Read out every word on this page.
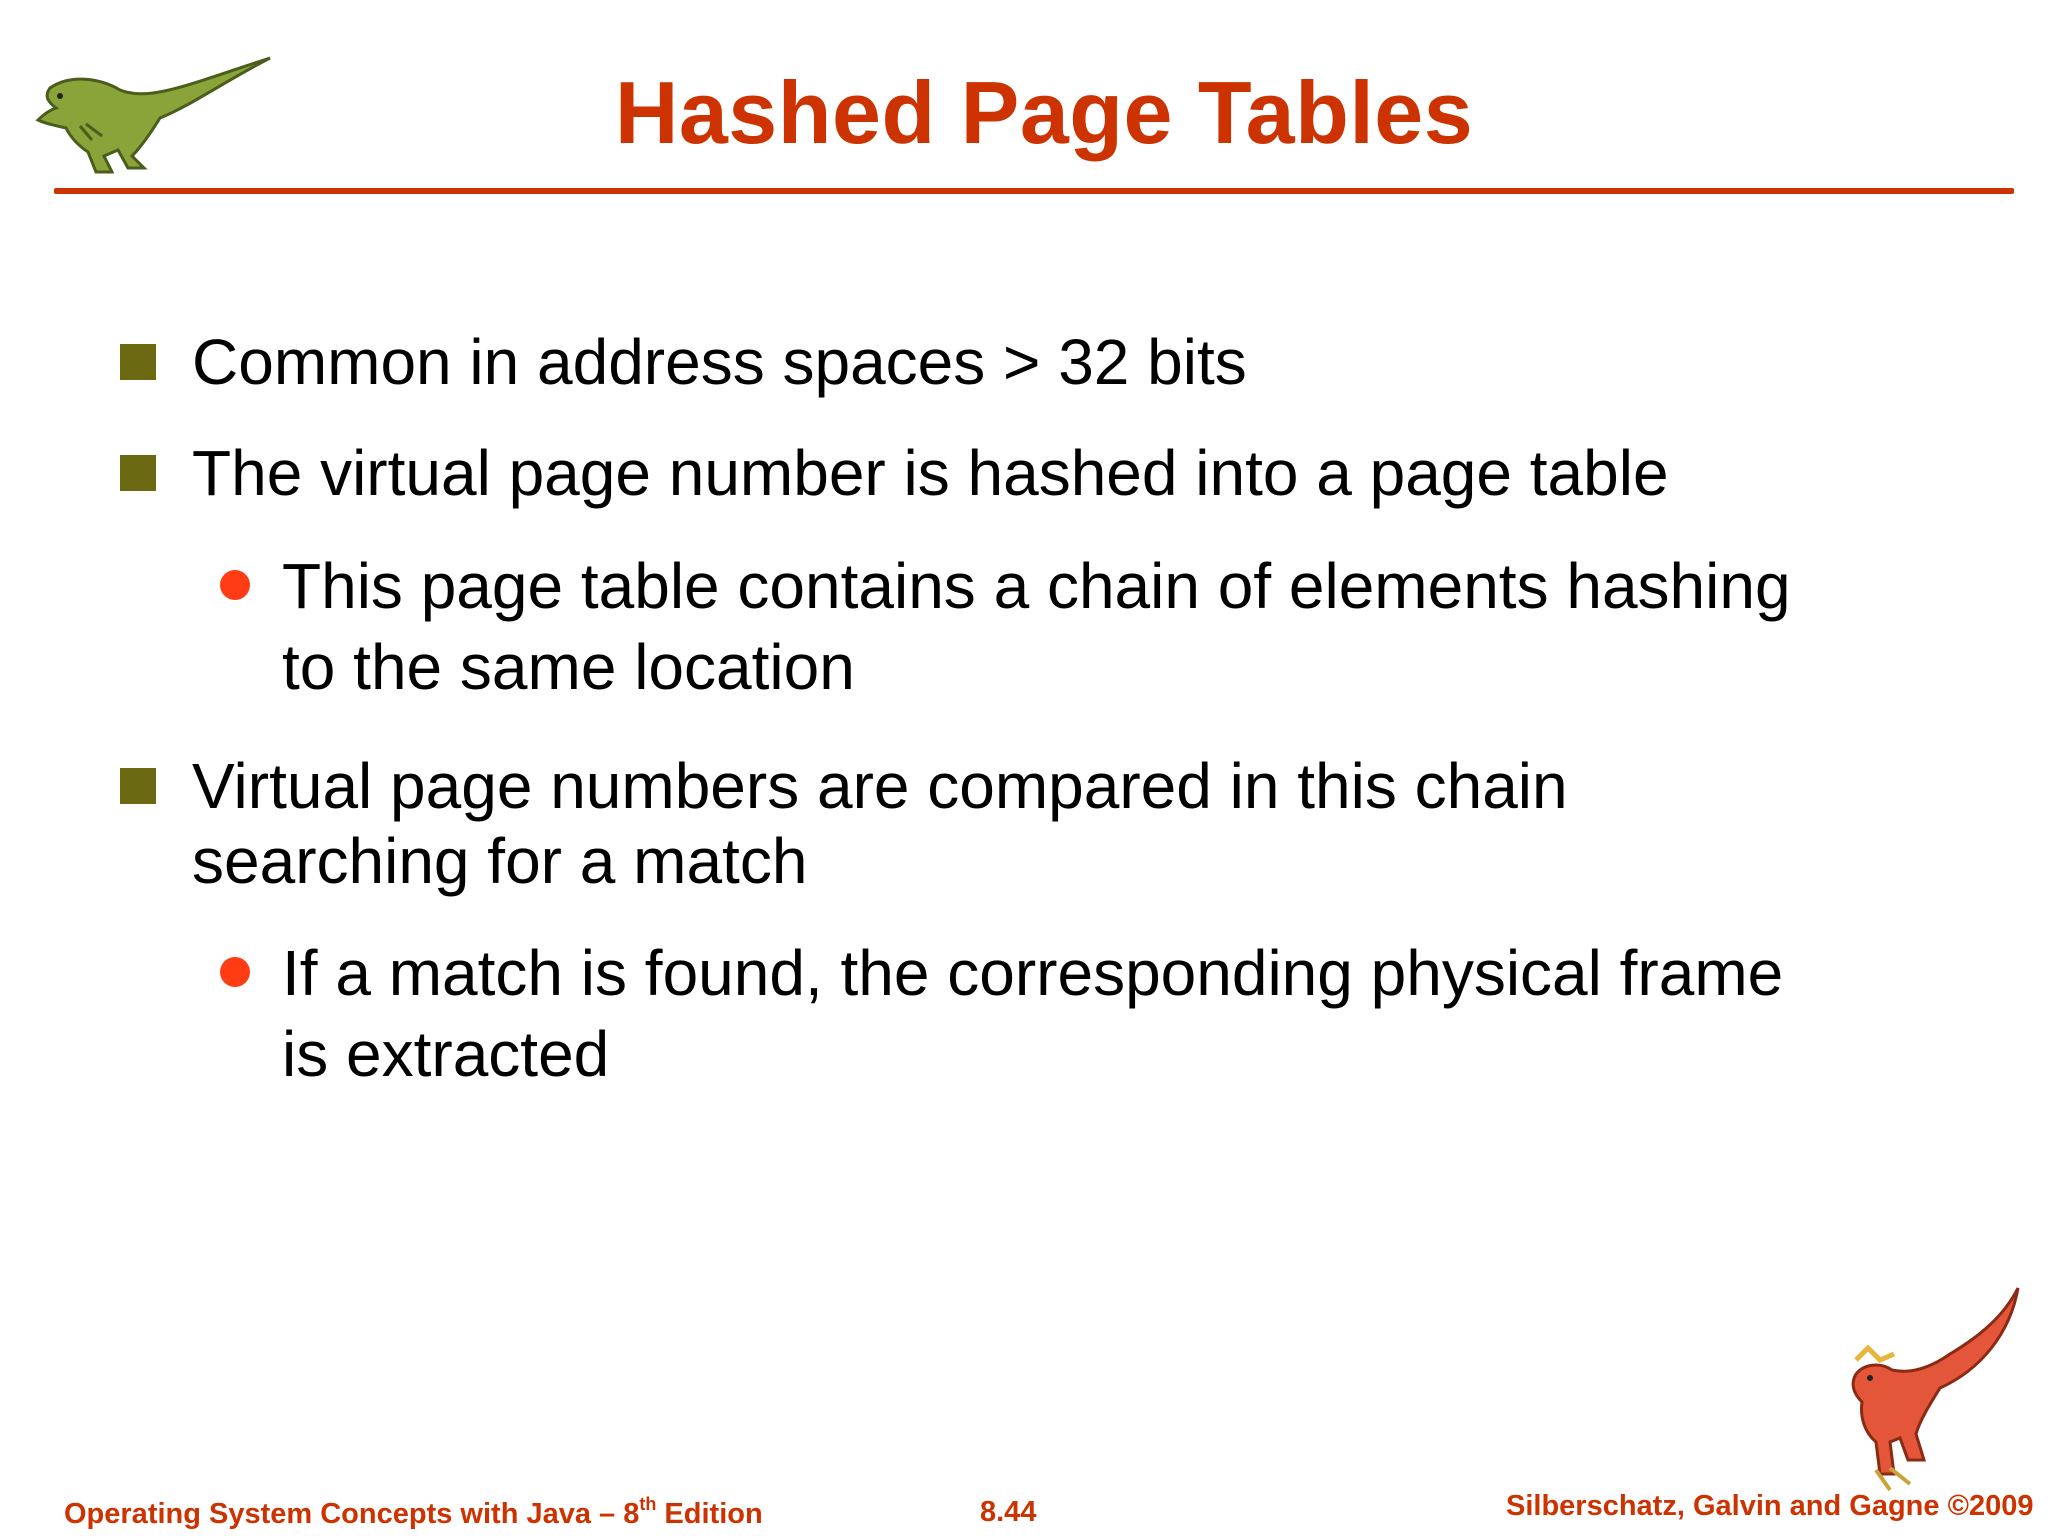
Hashed Page Tables
Common in address spaces > 32 bits
The virtual page number is hashed into a page table
This page table contains a chain of elements hashing
to the same location
Virtual page numbers are compared in this chain
searching for a match
If a match is found, the corresponding physical frame
is extracted
Operating System Concepts with Java – 8th Edition	8.44	Silberschatz, Galvin and Gagne ©2009
